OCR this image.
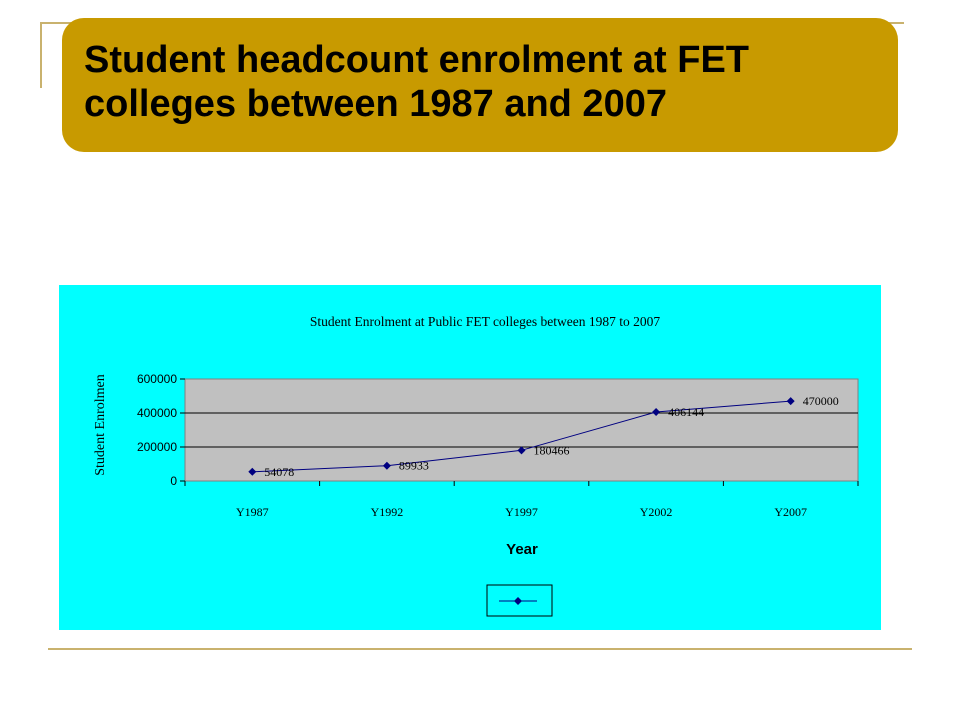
Student headcount enrolment at FET colleges between 1987 and 2007
Student Enrolment at Public FET colleges between 1987 to 2007
0
200000
400000
600000
Y1987	Y1992	Y1997	Y2002	Y2007
Student Enrolmen
Year
54078	89933
180466
406144
470000
